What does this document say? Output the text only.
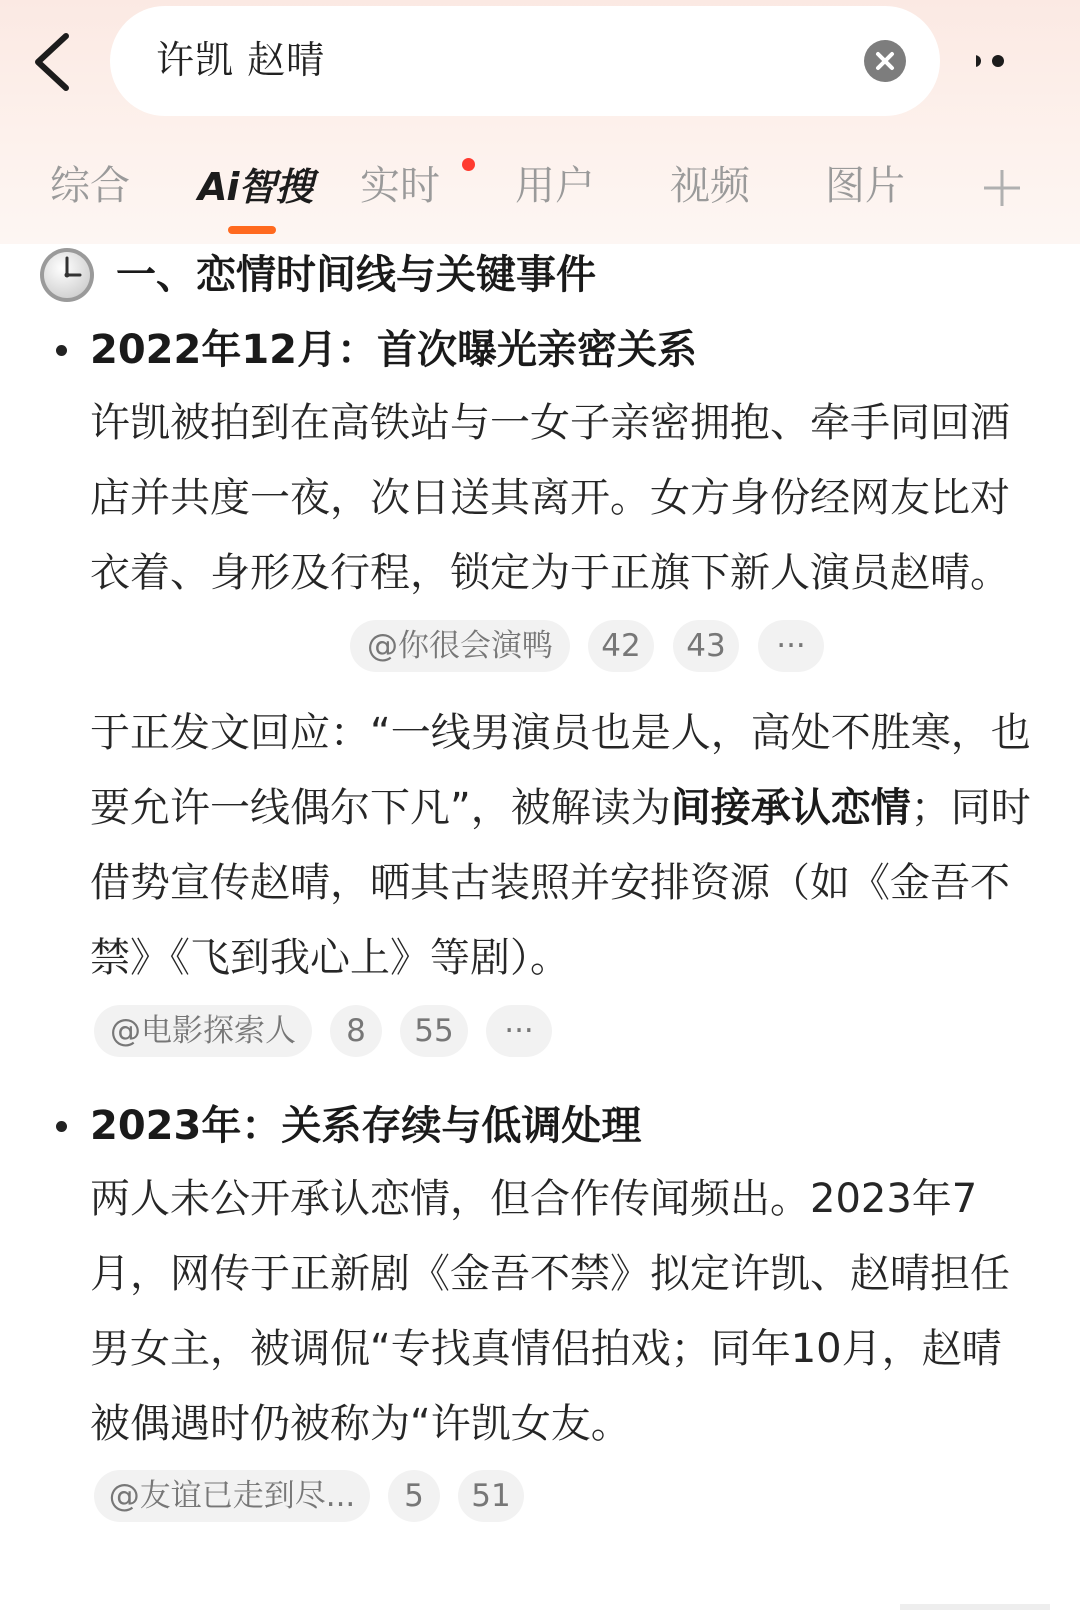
许凯 赵晴
综合 Ai智搜 实时 用户 视频 图片
一、恋情时间线与关键事件
2022年12月：首次曝光亲密关系
许凯被拍到在高铁站与一女子亲密拥抱、牵手同回酒店并共度一夜，次日送其离开。女方身份经网友比对衣着、身形及行程，锁定为于正旗下新人演员赵晴。
@你很会演鸭	42	43	···
于正发文回应：“一线男演员也是人，高处不胜寒，也要允许一线偶尔下凡”，被解读为间接承认恋情；同时借势宣传赵晴，晒其古装照并安排资源（如《金吾不禁》《飞到我心上》等剧）。
@电影探索人	8	55	···
2023年：关系存续与低调处理
两人未公开承认恋情，但合作传闻频出。2023年7月，网传于正新剧《金吾不禁》拟定许凯、赵晴担任男女主，被调侃“专找真情侣拍戏；同年10月，赵晴被偶遇时仍被称为“许凯女友。
@友谊已走到尽...	5	51
